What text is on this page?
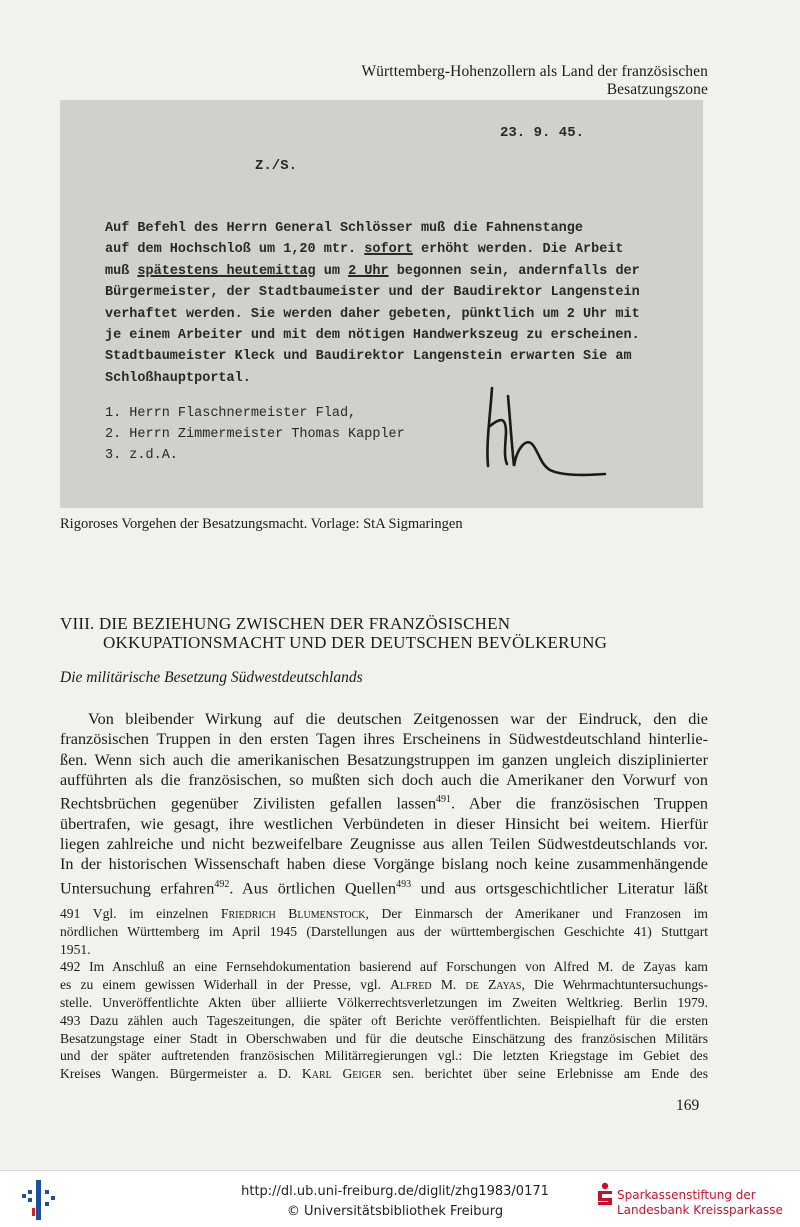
Württemberg-Hohenzollern als Land der französischen Besatzungszone
23. 9. 45.
Z./S.
Auf Befehl des Herrn General Schlösser muß die Fahnenstange
auf dem Hochschloß um 1,20 mtr. sofort erhöht werden. Die Arbeit
muß spätestens heutemittag um 2 Uhr begonnen sein, andernfalls der
Bürgermeister, der Stadtbaumeister und der Baudirektor Langenstein
verhaftet werden. Sie werden daher gebeten, pünktlich um 2 Uhr mit
je einem Arbeiter und mit dem nötigen Handwerkszeug zu erscheinen.
Stadtbaumeister Kleck und Baudirektor Langenstein erwarten Sie am
Schloßhauptportal.
1. Herrn Flaschnermeister Flad,
2. Herrn Zimmermeister Thomas Kappler
3. z.d.A.
Rigoroses Vorgehen der Besatzungsmacht. Vorlage: StA Sigmaringen
VIII. DIE BEZIEHUNG ZWISCHEN DER FRANZÖSISCHEN
OKKUPATIONSMACHT UND DER DEUTSCHEN BEVÖLKERUNG
Die militärische Besetzung Südwestdeutschlands
Von bleibender Wirkung auf die deutschen Zeitgenossen war der Eindruck, den die
französischen Truppen in den ersten Tagen ihres Erscheinens in Südwestdeutschland hinterlie-
ßen. Wenn sich auch die amerikanischen Besatzungstruppen im ganzen ungleich disziplinierter
aufführten als die französischen, so mußten sich doch auch die Amerikaner den Vorwurf von
Rechtsbrüchen gegenüber Zivilisten gefallen lassen$^{491}$. Aber die französischen Truppen
übertrafen, wie gesagt, ihre westlichen Verbündeten in dieser Hinsicht bei weitem. Hierfür
liegen zahlreiche und nicht bezweifelbare Zeugnisse aus allen Teilen Südwestdeutschlands vor.
In der historischen Wissenschaft haben diese Vorgänge bislang noch keine zusammenhängende
Untersuchung erfahren$^{492}$. Aus örtlichen Quellen$^{493}$ und aus ortsgeschichtlicher Literatur läßt
491 Vgl. im einzelnen Friedrich Blumenstock, Der Einmarsch der Amerikaner und Franzosen im
nördlichen Württemberg im April 1945 (Darstellungen aus der württembergischen Geschichte 41) Stuttgart
1951.
492 Im Anschluß an eine Fernsehdokumentation basierend auf Forschungen von Alfred M. de Zayas kam
es zu einem gewissen Widerhall in der Presse, vgl. Alfred M. de Zayas, Die Wehrmachtuntersuchungs-
stelle. Unveröffentlichte Akten über alliierte Völkerrechtsverletzungen im Zweiten Weltkrieg. Berlin 1979.
493 Dazu zählen auch Tageszeitungen, die später oft Berichte veröffentlichten. Beispielhaft für die ersten
Besatzungstage einer Stadt in Oberschwaben und für die deutsche Einschätzung des französischen Militärs
und der später auftretenden französischen Militärregierungen vgl.: Die letzten Kriegstage im Gebiet des
Kreises Wangen. Bürgermeister a. D. Karl Geiger sen. berichtet über seine Erlebnisse am Ende des
169
http://dl.ub.uni-freiburg.de/diglit/zhg1983/0171
© Universitätsbibliothek Freiburg
Sparkassenstiftung der
Landesbank Kreissparkasse
